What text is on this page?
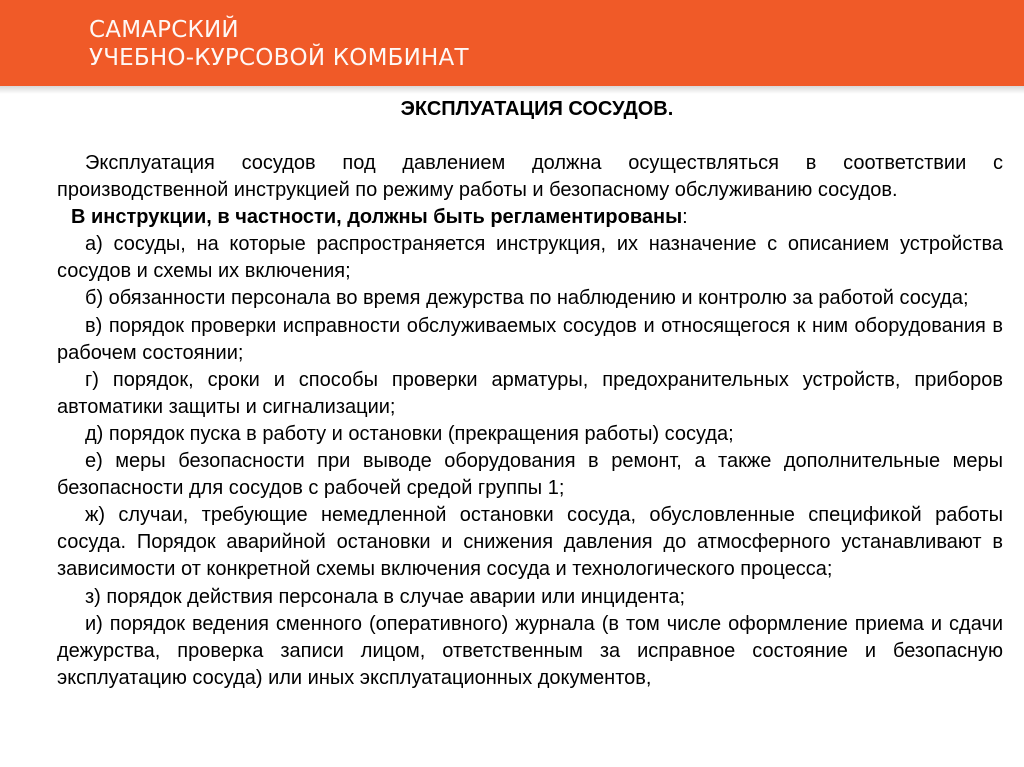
САМАРСКИЙ
УЧЕБНО-КУРСОВОЙ КОМБИНАТ
ЭКСПЛУАТАЦИЯ СОСУДОВ.

Эксплуатация сосудов под давлением должна осуществляться в соответствии с производственной инструкцией по режиму работы и безопасному обслуживанию сосудов.

В инструкции, в частности, должны быть регламентированы:

а) сосуды, на которые распространяется инструкция, их назначение с описанием устройства сосудов и схемы их включения;

б) обязанности персонала во время дежурства по наблюдению и контролю за работой сосуда;

в) порядок проверки исправности обслуживаемых сосудов и относящегося к ним оборудования в рабочем состоянии;

г) порядок, сроки и способы проверки арматуры, предохранительных устройств, приборов автоматики защиты и сигнализации;

д) порядок пуска в работу и остановки (прекращения работы) сосуда;

е) меры безопасности при выводе оборудования в ремонт, а также дополнительные меры безопасности для сосудов с рабочей средой группы 1;

ж) случаи, требующие немедленной остановки сосуда, обусловленные спецификой работы сосуда. Порядок аварийной остановки и снижения давления до атмосферного устанавливают в зависимости от конкретной схемы включения сосуда и технологического процесса;

з) порядок действия персонала в случае аварии или инцидента;

и) порядок ведения сменного (оперативного) журнала (в том числе оформление приема и сдачи дежурства, проверка записи лицом, ответственным за исправное состояние и безопасную эксплуатацию сосуда) или иных эксплуатационных документов,
